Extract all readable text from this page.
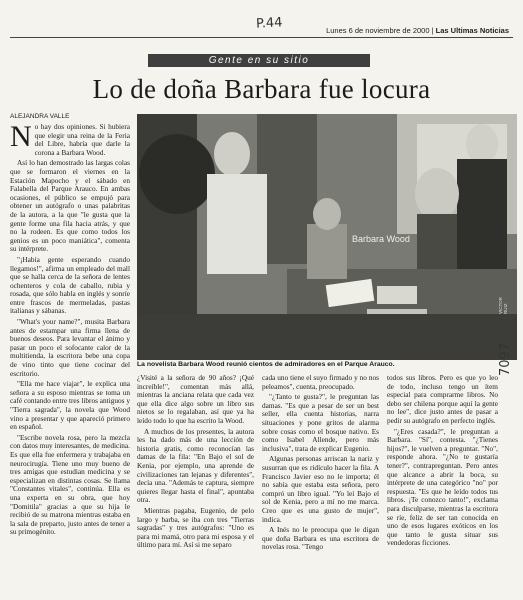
P.44	Lunes 6 de noviembre de 2000 | Las Ultimas Noticias
Gente en su sitio
Lo de doña Barbara fue locura
ALEJANDRA VALLE

No hay dos opiniones. Si hubiera que elegir una reina de la Feria del Libre, habría que darle la corona a Barbara Wood.

Así lo han demostrado las largas colas que se formaron el viernes en la Estación Mapocho y el sábado en Falabella del Parque Arauco. En ambas ocasiones, el público se empujó para obtener un autógrafo o unas palabritas de la autora, a la que "le gusta que la gente forme una fila hacia atrás, y que no la rodeen. Es que como todos los genios es un poco maniática", comenta su intérprete.

"¡Había gente esperando cuando llegamos!", afirma un empleado del mall que se halla cerca de la señora de lentes ochenteros y cola de caballo, rubia y rosada, que sólo habla en inglés y sonríe entre frascos de mermeladas, pastas italianas y sábanas.

"What's your name?", musita Barbara antes de estampar una firma llena de buenos deseos. Para levantar el ánimo y pasar un poco el sofocante calor de la multitienda, la escritora bebe una copa de vino tinto que tiene cocinar del escritorio.

"Ella me hace viajar", le explica una señora a su esposo mientras se toma un café contando entre tres libros antiguos y "Tierra sagrada", la novela que Wood vino a presentar y que apareció primero en español.

"Escribe novela rosa, pero la mezcla con datos muy interesantes, de medicina. Es que ella fue enfermera y trabajaba en neurocirugía. Tiene uno muy bueno de tres amigas que estudian medicina y se especializan en distintas cosas. Se llama "Constantes vitales", continúa. Ella es una experta en su obra, que hoy "Domitila" gracias a que su hija le recibió de su matrona mientras estaba en la sala de preparto, justo antes de tener a su primogénito.

Barbara Wood
VICTOR RUIZ
La novelista Barbara Wood reunió cientos de admiradores en el Parque Arauco.

¿Visité a la señora de 90 años? ¡Qué increíble!", comentan más allá, mientras la anciana relata que cada vez que ella dice algo sobre un libro sus nietos se lo regalaban, así que ya ha leído todo lo que ha escrito la Wood.

A muchos de los presentes, la autora les ha dado más de una lección de historia gratis, como reconocían las damas de la fila: "En Bajo el sol de Kenia, por ejemplo, una aprende de civilizaciones tan lejanas y diferentes", decía una. "Además te captura, siempre quieres llegar hasta el final", apuntaba otra.

Mientras pagaba, Eugenio, de pelo largo y barba, se iba con tres "Tierras sagradas" y tres autógrafos: "Uno es para mi mamá, otro para mi esposa y el último para mí. Así si me separo

cada uno tiene el suyo firmado y no nos peleamos", cuenta, preocupado.

"¿Tanto te gusta?", le preguntan las damas. "Es que a pesar de ser un best seller, ella cuenta historias, narra situaciones y pone gritos de alarma sobre cosas como el bosque nativo. Es como Isabel Allende, pero más inclusiva", trata de explicar Eugenio.

Algunas personas arriscan la nariz y susurran que es ridículo hacer la fila. A Francisco Javier eso no le importa; él no sabía que estaba esta señora, pero compró un libro igual. "Yo leí Bajo el sol de Kenia, pero a mí no me marca. Creo que es una gusto de mujer", indica.

A Inés no le preocupa que le digan que doña Barbara es una escritora de novelas rosa. "Tengo

todos sus libros. Pero es que yo leo de todo, incluso tengo un ítem especial para comprarme libros. No debo ser chilena porque aquí la gente no lee", dice justo antes de pasar a pedir su autógrafo en perfecto inglés.

"¿Eres casada?", le preguntan a Barbara. "Sí", contesta. "¿Tienes hijos?", le vuelven a preguntar. "No", responde ahora. "¿No te gustaría tener?", contrapreguntan. Pero antes que alcance a abrir la boca, su intérprete de una categórico "no" por respuesta. "Es que he leído todos tus libros. ¡Te conozco tanto!", exclama para disculparse, mientras la escritora se ríe, feliz de ser tan conocida en uno de esos lugares exóticos en los que tanto le gusta situar sus vendedoras ficciones.

7097
